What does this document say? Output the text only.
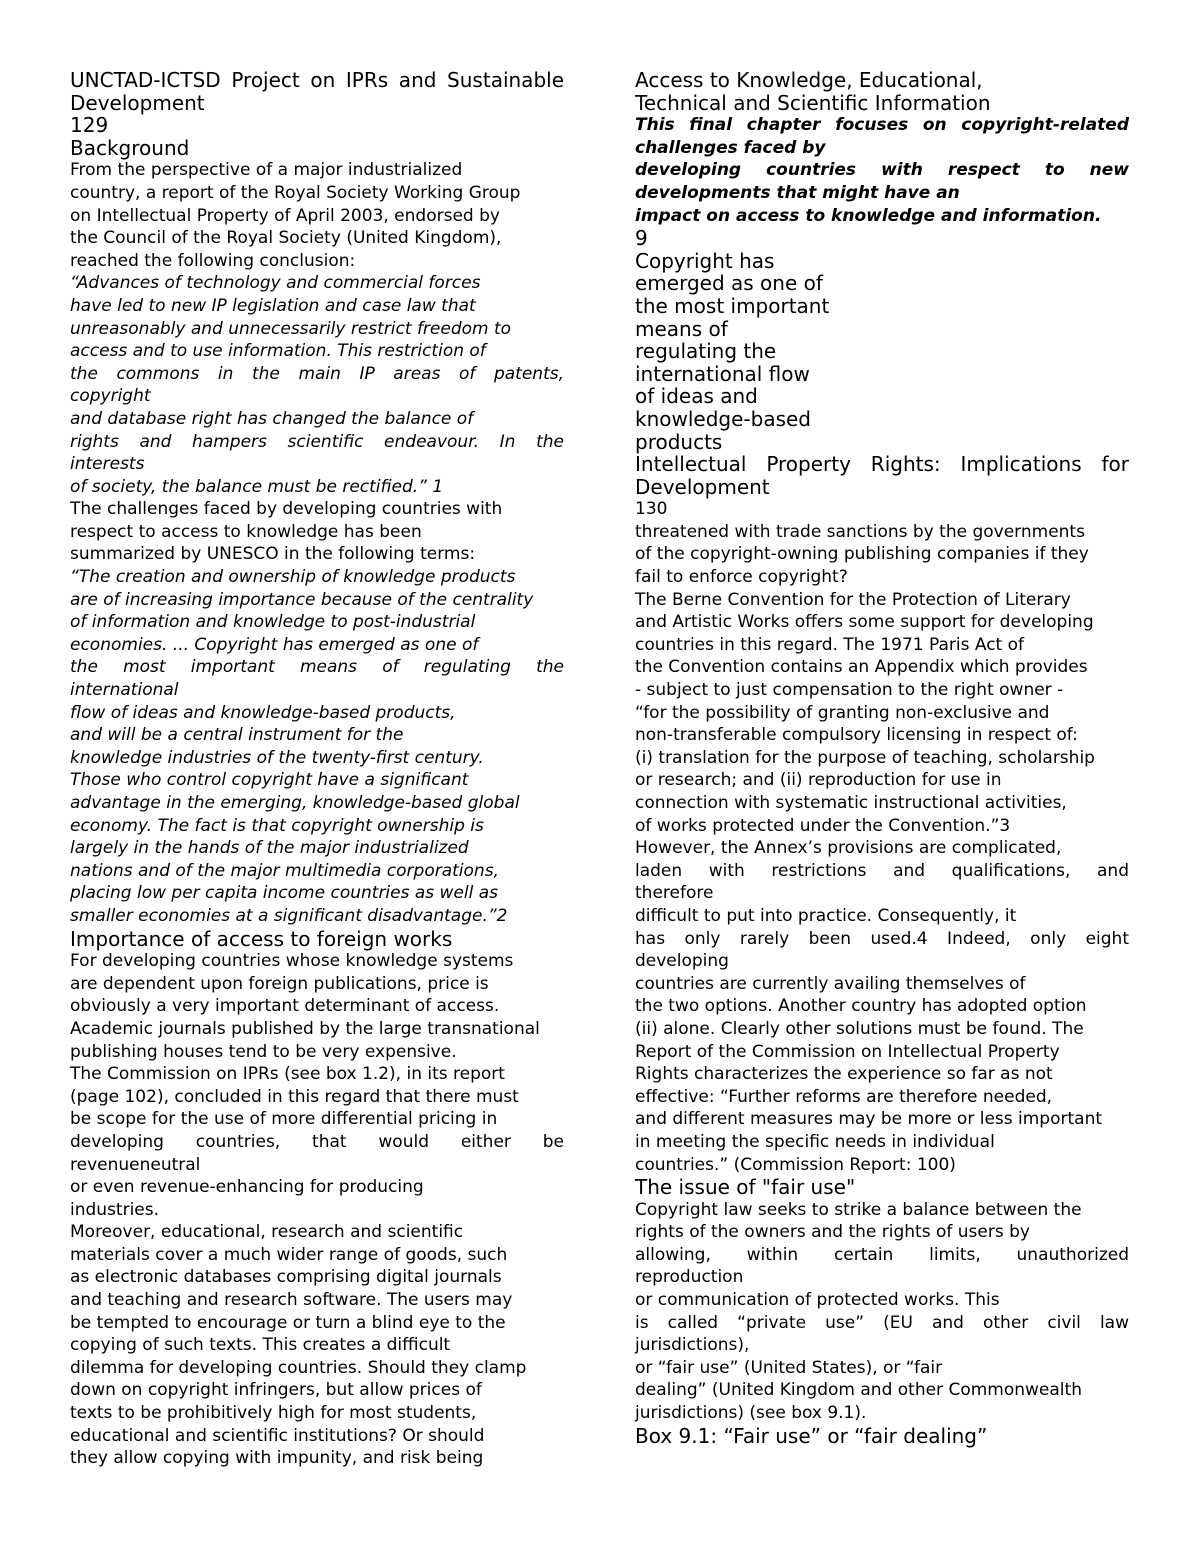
UNCTAD-ICTSD Project on IPRs and Sustainable
Development
129
Background
From the perspective of a major industrialized
country, a report of the Royal Society Working Group
on Intellectual Property of April 2003, endorsed by
the Council of the Royal Society (United Kingdom),
reached the following conclusion:
“Advances of technology and commercial forces
have led to new IP legislation and case law that
unreasonably and unnecessarily restrict freedom to
access and to use information. This restriction of
the commons in the main IP areas of patents,
copyright
and database right has changed the balance of
rights and hampers scientific endeavour. In the
interests
of society, the balance must be rectified.” 1
The challenges faced by developing countries with
respect to access to knowledge has been
summarized by UNESCO in the following terms:
“The creation and ownership of knowledge products
are of increasing importance because of the centrality
of information and knowledge to post-industrial
economies. ... Copyright has emerged as one of
the most important means of regulating the
international
flow of ideas and knowledge-based products,
and will be a central instrument for the
knowledge industries of the twenty-first century.
Those who control copyright have a significant
advantage in the emerging, knowledge-based global
economy. The fact is that copyright ownership is
largely in the hands of the major industrialized
nations and of the major multimedia corporations,
placing low per capita income countries as well as
smaller economies at a significant disadvantage.”2
Importance of access to foreign works
For developing countries whose knowledge systems
are dependent upon foreign publications, price is
obviously a very important determinant of access.
Academic journals published by the large transnational
publishing houses tend to be very expensive.
The Commission on IPRs (see box 1.2), in its report
(page 102), concluded in this regard that there must
be scope for the use of more differential pricing in
developing countries, that would either be
revenueneutral
or even revenue-enhancing for producing
industries.
Moreover, educational, research and scientific
materials cover a much wider range of goods, such
as electronic databases comprising digital journals
and teaching and research software. The users may
be tempted to encourage or turn a blind eye to the
copying of such texts. This creates a difficult
dilemma for developing countries. Should they clamp
down on copyright infringers, but allow prices of
texts to be prohibitively high for most students,
educational and scientific institutions? Or should
they allow copying with impunity, and risk being
Access to Knowledge, Educational,
Technical and Scientific Information
This final chapter focuses on copyright-related
challenges faced by
developing countries with respect to new
developments that might have an
impact on access to knowledge and information.
9
Copyright has
emerged as one of
the most important
means of
regulating the
international flow
of ideas and
knowledge-based
products
Intellectual Property Rights: Implications for
Development
130
threatened with trade sanctions by the governments
of the copyright-owning publishing companies if they
fail to enforce copyright?
The Berne Convention for the Protection of Literary
and Artistic Works offers some support for developing
countries in this regard. The 1971 Paris Act of
the Convention contains an Appendix which provides
- subject to just compensation to the right owner -
“for the possibility of granting non-exclusive and
non-transferable compulsory licensing in respect of:
(i) translation for the purpose of teaching, scholarship
or research; and (ii) reproduction for use in
connection with systematic instructional activities,
of works protected under the Convention.”3
However, the Annex’s provisions are complicated,
laden with restrictions and qualifications, and
therefore
difficult to put into practice. Consequently, it
has only rarely been used.4 Indeed, only eight
developing
countries are currently availing themselves of
the two options. Another country has adopted option
(ii) alone. Clearly other solutions must be found. The
Report of the Commission on Intellectual Property
Rights characterizes the experience so far as not
effective: “Further reforms are therefore needed,
and different measures may be more or less important
in meeting the specific needs in individual
countries.” (Commission Report: 100)
The issue of "fair use"
Copyright law seeks to strike a balance between the
rights of the owners and the rights of users by
allowing, within certain limits, unauthorized
reproduction
or communication of protected works. This
is called “private use” (EU and other civil law
jurisdictions),
or “fair use” (United States), or “fair
dealing” (United Kingdom and other Commonwealth
jurisdictions) (see box 9.1).
Box 9.1: “Fair use” or “fair dealing”
